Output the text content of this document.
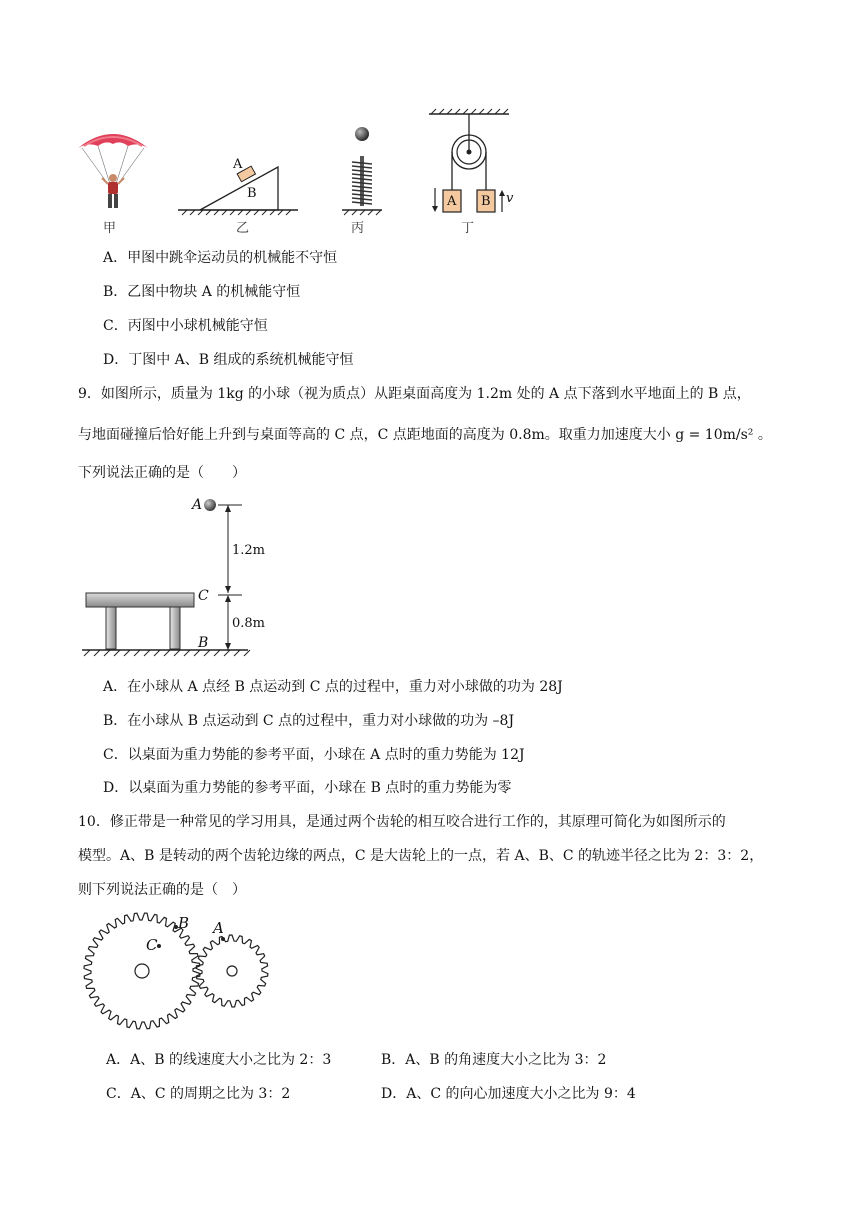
甲
A
B
乙	丙
A B v
丁
A．甲图中跳伞运动员的机械能不守恒
B．乙图中物块 A 的机械能守恒
C．丙图中小球机械能守恒
D．丁图中 A、B 组成的系统机械能守恒
9．如图所示，质量为 1kg 的小球（视为质点）从距桌面高度为 1.2m 处的 A 点下落到水平地面上的 B 点，
与地面碰撞后恰好能上升到与桌面等高的 C 点，C 点距地面的高度为 0.8m。取重力加速度大小 g = 10m/s² 。
下列说法正确的是（　　）
A
C
B
1.2m
0.8m
A．在小球从 A 点经 B 点运动到 C 点的过程中，重力对小球做的功为 28J
B．在小球从 B 点运动到 C 点的过程中，重力对小球做的功为 –8J
C．以桌面为重力势能的参考平面，小球在 A 点时的重力势能为 12J
D．以桌面为重力势能的参考平面，小球在 B 点时的重力势能为零
10．修正带是一种常见的学习用具，是通过两个齿轮的相互咬合进行工作的，其原理可简化为如图所示的
模型。A、B 是转动的两个齿轮边缘的两点，C 是大齿轮上的一点，若 A、B、C 的轨迹半径之比为 2：3：2，
则下列说法正确的是（　）
B
C
A
A．A、B 的线速度大小之比为 2：3	B．A、B 的角速度大小之比为 3：2
C．A、C 的周期之比为 3：2	D．A、C 的向心加速度大小之比为 9：4
